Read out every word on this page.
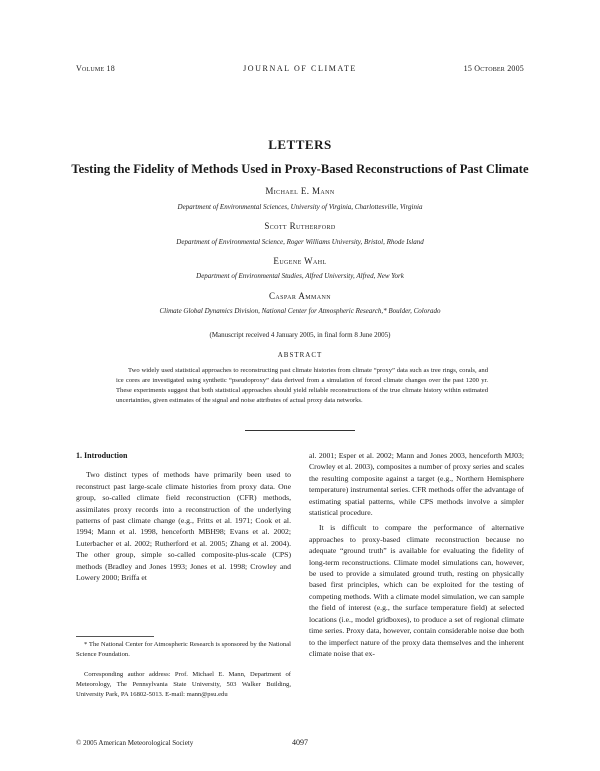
Volume 18	JOURNAL OF CLIMATE	15 October 2005
LETTERS
Testing the Fidelity of Methods Used in Proxy-Based Reconstructions of Past Climate
Michael E. Mann
Department of Environmental Sciences, University of Virginia, Charlottesville, Virginia
Scott Rutherford
Department of Environmental Science, Roger Williams University, Bristol, Rhode Island
Eugene Wahl
Department of Environmental Studies, Alfred University, Alfred, New York
Caspar Ammann
Climate Global Dynamics Division, National Center for Atmospheric Research,* Boulder, Colorado
(Manuscript received 4 January 2005, in final form 8 June 2005)
ABSTRACT
Two widely used statistical approaches to reconstructing past climate histories from climate “proxy” data such as tree rings, corals, and ice cores are investigated using synthetic “pseudoproxy” data derived from a simulation of forced climate changes over the past 1200 yr. These experiments suggest that both statistical approaches should yield reliable reconstructions of the true climate history within estimated uncertainties, given estimates of the signal and noise attributes of actual proxy data networks.
1. Introduction

Two distinct types of methods have primarily been used to reconstruct past large-scale climate histories from proxy data. One group, so-called climate field reconstruction (CFR) methods, assimilates proxy records into a reconstruction of the underlying patterns of past climate change (e.g., Fritts et al. 1971; Cook et al. 1994; Mann et al. 1998, henceforth MBH98; Evans et al. 2002; Luterbacher et al. 2002; Rutherford et al. 2005; Zhang et al. 2004). The other group, simple so-called composite-plus-scale (CPS) methods (Bradley and Jones 1993; Jones et al. 1998; Crowley and Lowery 2000; Briffa et

al. 2001; Esper et al. 2002; Mann and Jones 2003, henceforth MJ03; Crowley et al. 2003), composites a number of proxy series and scales the resulting composite against a target (e.g., Northern Hemisphere temperature) instrumental series. CFR methods offer the advantage of estimating spatial patterns, while CPS methods involve a simpler statistical procedure.

It is difficult to compare the performance of alternative approaches to proxy-based climate reconstruction because no adequate “ground truth” is available for evaluating the fidelity of long-term reconstructions. Climate model simulations can, however, be used to provide a simulated ground truth, resting on physically based first principles, which can be exploited for the testing of competing methods. With a climate model simulation, we can sample the field of interest (e.g., the surface temperature field) at selected locations (i.e., model gridboxes), to produce a set of regional climate time series. Proxy data, however, contain considerable noise due both to the imperfect nature of the proxy data themselves and the inherent climate noise that ex-

* The National Center for Atmospheric Research is sponsored by the National Science Foundation.
Corresponding author address: Prof. Michael E. Mann, Department of Meteorology, The Pennsylvania State University, 503 Walker Building, University Park, PA 16802-5013. E-mail: mann@psu.edu
© 2005 American Meteorological Society	4097
